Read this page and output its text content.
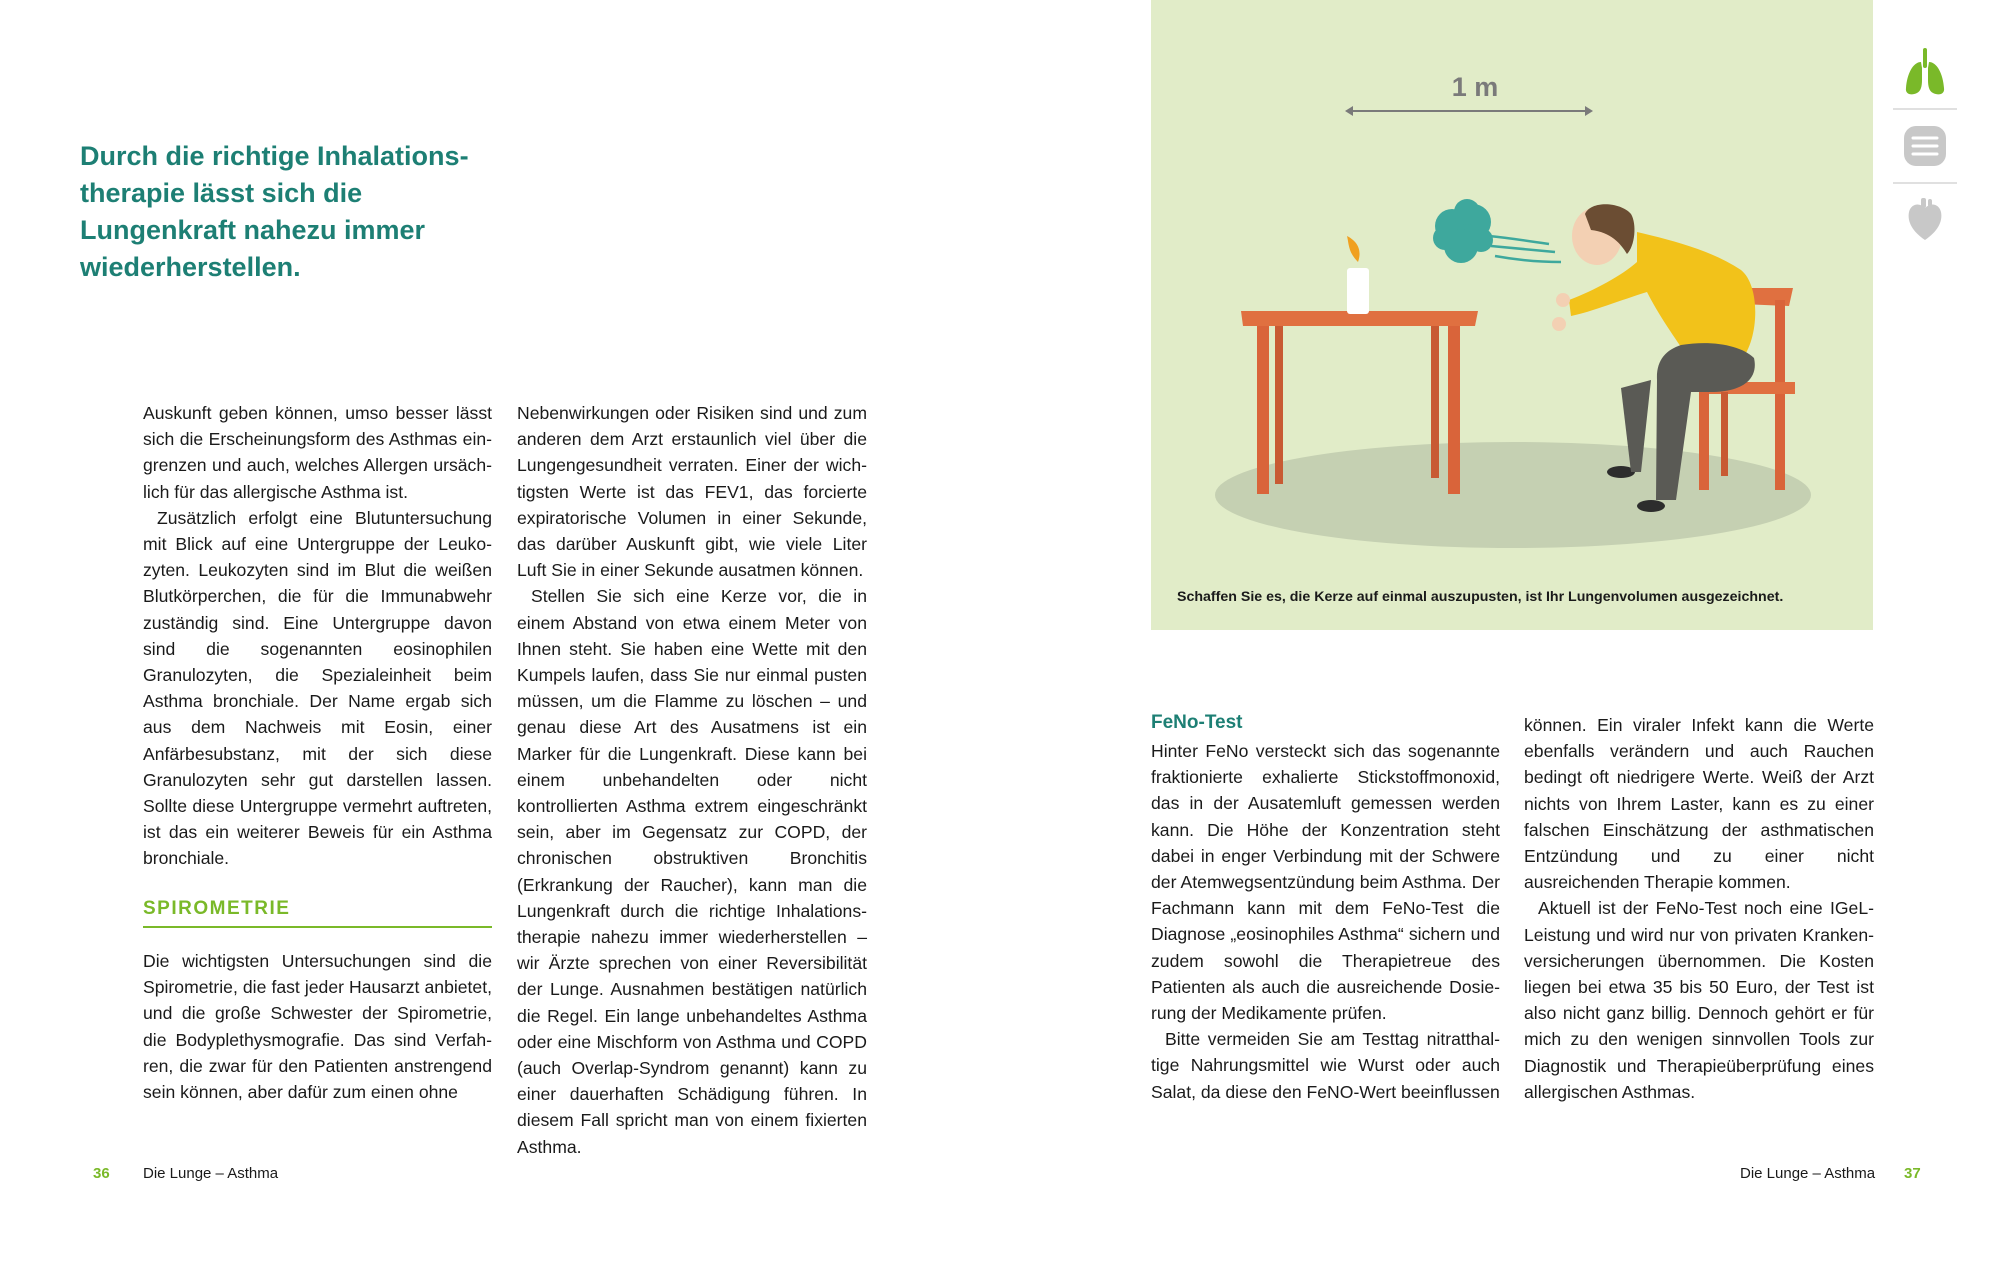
Durch die richtige Inhalationstherapie lässt sich die Lungenkraft nahezu immer wiederherstellen.

Auskunft geben können, umso besser lässt sich die Erscheinungsform des Asthmas eingrenzen und auch, welches Allergen ursächlich für das allergische Asthma ist.

Zusätzlich erfolgt eine Blutuntersuchung mit Blick auf eine Untergruppe der Leukozyten. Leukozyten sind im Blut die weißen Blutkörperchen, die für die Immunabwehr zuständig sind. Eine Untergruppe davon sind die sogenannten eosinophilen Granulozyten, die Spezialeinheit beim Asthma bronchiale. Der Name ergab sich aus dem Nachweis mit Eosin, einer Anfärbesubstanz, mit der sich diese Granulozyten sehr gut darstellen lassen. Sollte diese Untergruppe vermehrt auftreten, ist das ein weiterer Beweis für ein Asthma bronchiale.

SPIROMETRIE

Die wichtigsten Untersuchungen sind die Spirometrie, die fast jeder Hausarzt anbietet, und die große Schwester der Spirometrie, die Bodyplethysmografie. Das sind Verfahren, die zwar für den Patienten anstrengend sein können, aber dafür zum einen ohne

Nebenwirkungen oder Risiken sind und zum anderen dem Arzt erstaunlich viel über die Lungengesundheit verraten. Einer der wichtigsten Werte ist das FEV1, das forcierte expiratorische Volumen in einer Sekunde, das darüber Auskunft gibt, wie viele Liter Luft Sie in einer Sekunde ausatmen können.

Stellen Sie sich eine Kerze vor, die in einem Abstand von etwa einem Meter von Ihnen steht. Sie haben eine Wette mit den Kumpels laufen, dass Sie nur einmal pusten müssen, um die Flamme zu löschen – und genau diese Art des Ausatmens ist ein Marker für die Lungenkraft. Diese kann bei einem unbehandelten oder nicht kontrollierten Asthma extrem eingeschränkt sein, aber im Gegensatz zur COPD, der chronischen obstruktiven Bronchitis (Erkrankung der Raucher), kann man die Lungenkraft durch die richtige Inhalationstherapie nahezu immer wiederherstellen – wir Ärzte sprechen von einer Reversibilität der Lunge. Ausnahmen bestätigen natürlich die Regel. Ein lange unbehandeltes Asthma oder eine Mischform von Asthma und COPD (auch Overlap-Syndrom genannt) kann zu einer dauerhaften Schädigung führen. In diesem Fall spricht man von einem fixierten Asthma.

36 Die Lunge – Asthma
1 m
Schaffen Sie es, die Kerze auf einmal auszupusten, ist Ihr Lungenvolumen ausgezeichnet.
FeNo-Test

Hinter FeNo versteckt sich das sogenannte fraktionierte exhalierte Stickstoffmonoxid, das in der Ausatemluft gemessen werden kann. Die Höhe der Konzentration steht dabei in enger Verbindung mit der Schwere der Atemwegsentzündung beim Asthma. Der Fachmann kann mit dem FeNo-Test die Diagnose „eosinophiles Asthma“ sichern und zudem sowohl die Therapietreue des Patienten als auch die ausreichende Dosierung der Medikamente prüfen.

Bitte vermeiden Sie am Testtag nitratthaltige Nahrungsmittel wie Wurst oder auch Salat, da diese den FeNO-Wert beeinflussen

können. Ein viraler Infekt kann die Werte ebenfalls verändern und auch Rauchen bedingt oft niedrigere Werte. Weiß der Arzt nichts von Ihrem Laster, kann es zu einer falschen Einschätzung der asthmatischen Entzündung und zu einer nicht ausreichenden Therapie kommen.

Aktuell ist der FeNo-Test noch eine IGeL-Leistung und wird nur von privaten Krankenversicherungen übernommen. Die Kosten liegen bei etwa 35 bis 50 Euro, der Test ist also nicht ganz billig. Dennoch gehört er für mich zu den wenigen sinnvollen Tools zur Diagnostik und Therapieüberprüfung eines allergischen Asthmas.

Die Lunge – Asthma 37
